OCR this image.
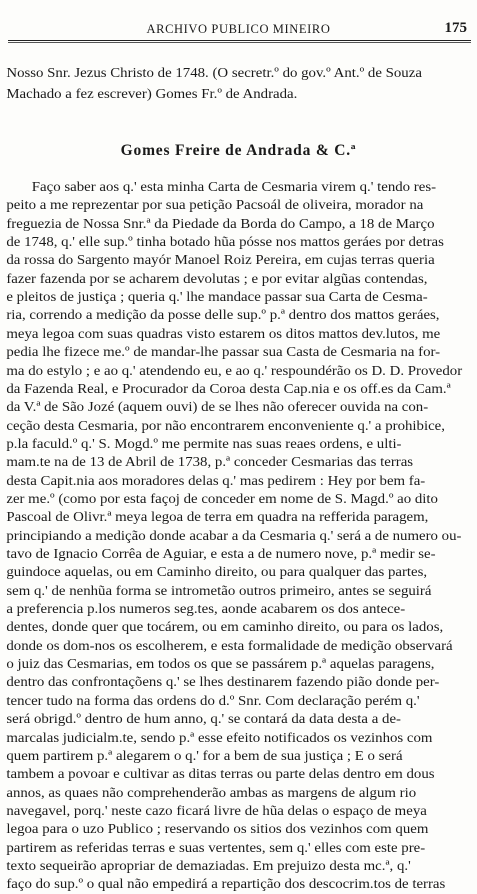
ARCHIVO PUBLICO MINEIRO	175
Nosso Snr. Jezus Christo de 1748. (O secretr.º do gov.º Ant.º de Souza
Machado a fez escrever) Gomes Fr.º de Andrada.
Gomes Freire de Andrada & C.ª
Faço saber aos q.' esta minha Carta de Cesmaria virem q.' tendo res-
peito a me reprezentar por sua petição Pacsoál de oliveira, morador na
freguezia de Nossa Snr.ª da Piedade da Borda do Campo, a 18 de Março
de 1748, q.' elle sup.º tinha botado hũa pósse nos mattos geráes por detras
da rossa do Sargento mayór Manoel Roiz Pereira, em cujas terras queria
fazer fazenda por se acharem devolutas ; e por evitar algũas contendas,
e pleitos de justiça ; queria q.' lhe mandace passar sua Carta de Cesma-
ria, correndo a medição da posse delle sup.º p.ª dentro dos mattos geráes,
meya legoa com suas quadras visto estarem os ditos mattos dev.lutos, me
pedia lhe fizece me.º de mandar-lhe passar sua Casta de Cesmaria na for-
ma do estylo ; e ao q.' atendendo eu, e ao q.' respoundérão os D. D. Provedor
da Fazenda Real, e Procurador da Coroa desta Cap.nia e os off.es da Cam.ª
da V.ª de São Jozé (aquem ouvi) de se lhes não oferecer ouvida na con-
ceção desta Cesmaria, por não encontrarem enconveniente q.' a prohibice,
p.la faculd.º q.' S. Mogd.º me permite nas suas reaes ordens, e ulti-
mam.te na de 13 de Abril de 1738, p.ª conceder Cesmarias das terras
desta Capit.nia aos moradores delas q.' mas pedirem : Hey por bem fa-
zer me.º (como por esta façoj de conceder em nome de S. Magd.º ao dito
Pascoal de Olivr.ª meya legoa de terra em quadra na refferida paragem,
principiando a medição donde acabar a da Cesmaria q.' será a de numero ou-
tavo de Ignacio Corrêa de Aguiar, e esta a de numero nove, p.ª medir se-
guindoce aquelas, ou em Caminho direito, ou para qualquer das partes,
sem q.' de nenhũa forma se intrometão outros primeiro, antes se seguirá
a preferencia p.los numeros seg.tes, aonde acabarem os dos antece-
dentes, donde quer que tocárem, ou em caminho direito, ou para os lados,
donde os dom-nos os escolherem, e esta formalidade de medição observará
o juiz das Cesmarias, em todos os que se passárem p.ª aquelas paragens,
dentro das confrontaçõens q.' se lhes destinarem fazendo pião donde per-
tencer tudo na forma das ordens do d.º Snr. Com declaração perém q.'
será obrigd.º dentro de hum anno, q.' se contará da data desta a de-
marcalas judicialm.te, sendo p.ª esse efeito notificados os vezinhos com
quem partirem p.ª alegarem o q.' for a bem de sua justiça ; E o será
tambem a povoar e cultivar as ditas terras ou parte delas dentro em dous
annos, as quaes não comprehenderão ambas as margens de algum rio
navegavel, porq.' neste cazo ficará livre de hũa delas o espaço de meya
legoa para o uzo Publico ; reservando os sitios dos vezinhos com quem
partirem as referidas terras e suas vertentes, sem q.' elles com este pre-
texto sequeirão apropriar de demaziadas. Em prejuizo desta mc.ª, q.'
faço do sup.º o qual não empedirá a repartição dos descocrim.tos de terras
